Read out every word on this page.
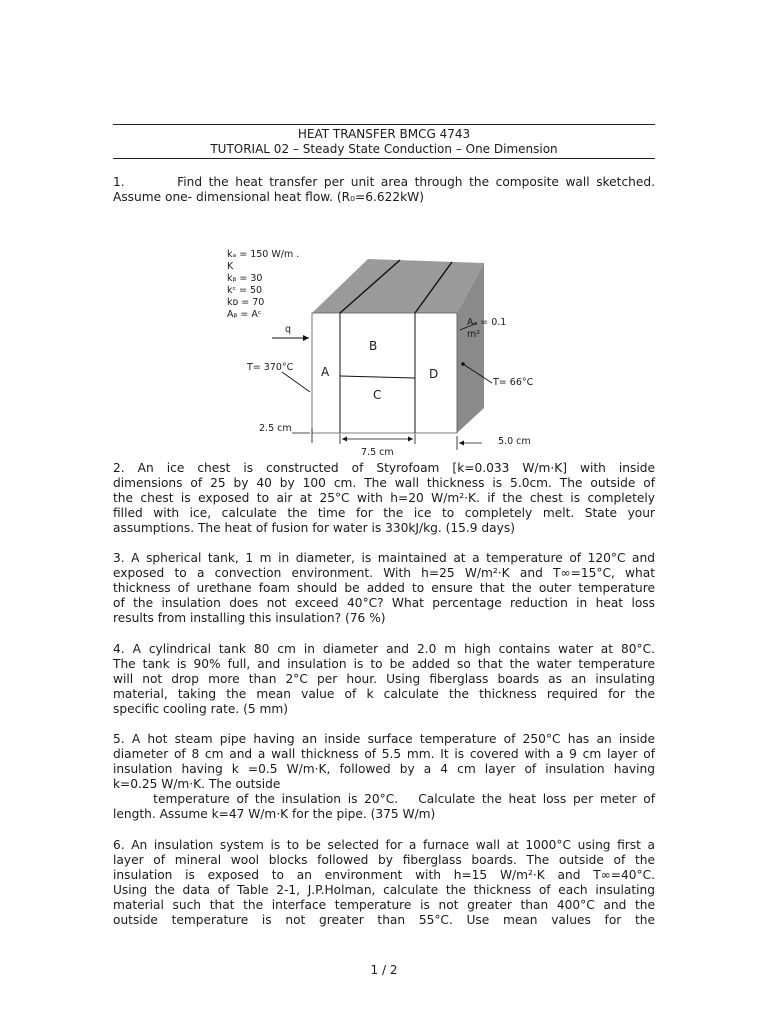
HEAT TRANSFER BMCG 4743
TUTORIAL 02 – Steady State Conduction – One Dimension
1.	Find the heat transfer per unit area through the composite wall sketched.
Assume one- dimensional heat flow. (R₀=6.622kW)
kₐ = 150 W/m .
K
kᵦ = 30
kᶜ = 50
kᴅ = 70
Aᵦ = Aᶜ
Aₐ = 0.1
m²
q
T= 370°C
T= 66°C
A
B
C
D
2.5 cm
7.5 cm
5.0 cm
2. An ice chest is constructed of Styrofoam [k=0.033 W/m·K] with inside
dimensions of 25 by 40 by 100 cm. The wall thickness is 5.0cm. The outside of
the chest is exposed to air at 25°C with h=20 W/m²·K. if the chest is completely
filled with ice, calculate the time for the ice to completely melt. State your
assumptions. The heat of fusion for water is 330kJ/kg. (15.9 days)
3. A spherical tank, 1 m in diameter, is maintained at a temperature of 120°C and
exposed to a convection environment. With h=25 W/m²·K and T∞=15°C, what
thickness of urethane foam should be added to ensure that the outer temperature
of the insulation does not exceed 40°C? What percentage reduction in heat loss
results from installing this insulation? (76 %)
4. A cylindrical tank 80 cm in diameter and 2.0 m high contains water at 80°C.
The tank is 90% full, and insulation is to be added so that the water temperature
will not drop more than 2°C per hour. Using fiberglass boards as an insulating
material, taking the mean value of k calculate the thickness required for the
specific cooling rate. (5 mm)
5. A hot steam pipe having an inside surface temperature of 250°C has an inside
diameter of 8 cm and a wall thickness of 5.5 mm. It is covered with a 9 cm layer of
insulation having k =0.5 W/m·K, followed by a 4 cm layer of insulation having
k=0.25 W/m·K. The outside
temperature of the insulation is 20°C.   Calculate the heat loss per meter of
length. Assume k=47 W/m·K for the pipe. (375 W/m)
6. An insulation system is to be selected for a furnace wall at 1000°C using first a
layer of mineral wool blocks followed by fiberglass boards. The outside of the
insulation is exposed to an environment with h=15 W/m²·K and T∞=40°C.
Using the data of Table 2-1, J.P.Holman, calculate the thickness of each insulating
material such that the interface temperature is not greater than 400°C and the
outside temperature is not greater than 55°C. Use mean values for the
1 / 2
